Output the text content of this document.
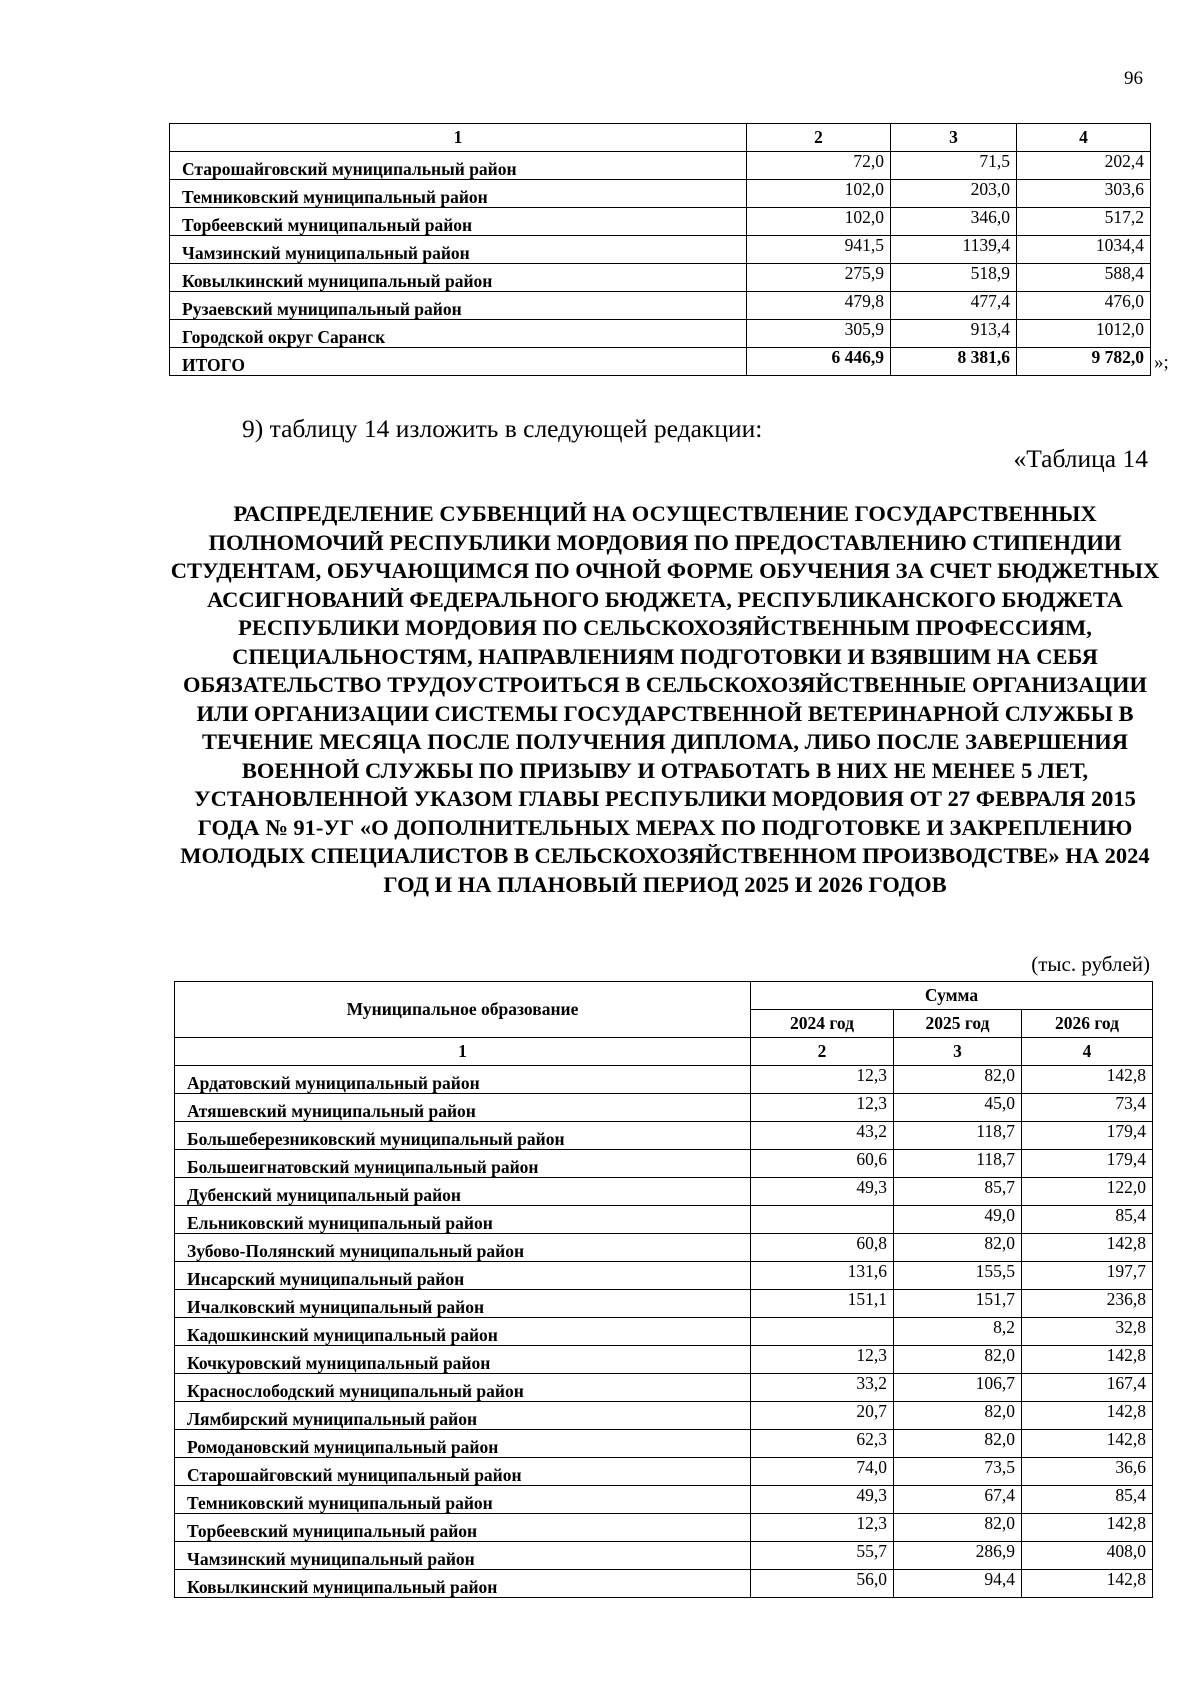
96
1	2	3	4
Старошайговский муниципальный район	72,0	71,5	202,4
Темниковский муниципальный район	102,0	203,0	303,6
Торбеевский муниципальный район	102,0	346,0	517,2
Чамзинский муниципальный район	941,5	1139,4	1034,4
Ковылкинский муниципальный район	275,9	518,9	588,4
Рузаевский муниципальный район	479,8	477,4	476,0
Городской округ Саранск	305,9	913,4	1012,0
ИТОГО	6 446,9	8 381,6	9 782,0 »;
9) таблицу 14 изложить в следующей редакции:
«Таблица 14

РАСПРЕДЕЛЕНИЕ СУБВЕНЦИЙ НА ОСУЩЕСТВЛЕНИЕ ГОСУДАРСТВЕННЫХ ПОЛНОМОЧИЙ РЕСПУБЛИКИ МОРДОВИЯ ПО ПРЕДОСТАВЛЕНИЮ СТИПЕНДИИ СТУДЕНТАМ, ОБУЧАЮЩИМСЯ ПО ОЧНОЙ ФОРМЕ ОБУЧЕНИЯ ЗА СЧЕТ БЮДЖЕТНЫХ АССИГНОВАНИЙ ФЕДЕРАЛЬНОГО БЮДЖЕТА, РЕСПУБЛИКАНСКОГО БЮДЖЕТА РЕСПУБЛИКИ МОРДОВИЯ ПО СЕЛЬСКОХОЗЯЙСТВЕННЫМ ПРОФЕССИЯМ, СПЕЦИАЛЬНОСТЯМ, НАПРАВЛЕНИЯМ ПОДГОТОВКИ И ВЗЯВШИМ НА СЕБЯ ОБЯЗАТЕЛЬСТВО ТРУДОУСТРОИТЬСЯ В СЕЛЬСКОХОЗЯЙСТВЕННЫЕ ОРГАНИЗАЦИИ ИЛИ ОРГАНИЗАЦИИ СИСТЕМЫ ГОСУДАРСТВЕННОЙ ВЕТЕРИНАРНОЙ СЛУЖБЫ В ТЕЧЕНИЕ МЕСЯЦА ПОСЛЕ ПОЛУЧЕНИЯ ДИПЛОМА, ЛИБО ПОСЛЕ ЗАВЕРШЕНИЯ ВОЕННОЙ СЛУЖБЫ ПО ПРИЗЫВУ И ОТРАБОТАТЬ В НИХ НЕ МЕНЕЕ 5 ЛЕТ, УСТАНОВЛЕННОЙ УКАЗОМ ГЛАВЫ РЕСПУБЛИКИ МОРДОВИЯ ОТ 27 ФЕВРАЛЯ 2015 ГОДА № 91-УГ «О ДОПОЛНИТЕЛЬНЫХ МЕРАХ ПО ПОДГОТОВКЕ И ЗАКРЕПЛЕНИЮ МОЛОДЫХ СПЕЦИАЛИСТОВ В СЕЛЬСКОХОЗЯЙСТВЕННОМ ПРОИЗВОДСТВЕ» НА 2024 ГОД И НА ПЛАНОВЫЙ ПЕРИОД 2025 И 2026 ГОДОВ

(тыс. рублей)
Муниципальное образование	Сумма		
	2024 год	2025 год	2026 год
1	2	3	4
Ардатовский муниципальный район	12,3	82,0	142,8
Атяшевский муниципальный район	12,3	45,0	73,4
Большеберезниковский муниципальный район	43,2	118,7	179,4
Большеигнатовский муниципальный район	60,6	118,7	179,4
Дубенский муниципальный район	49,3	85,7	122,0
Ельниковский муниципальный район		49,0	85,4
Зубово-Полянский муниципальный район	60,8	82,0	142,8
Инсарский муниципальный район	131,6	155,5	197,7
Ичалковский муниципальный район	151,1	151,7	236,8
Кадошкинский муниципальный район		8,2	32,8
Кочкуровский муниципальный район	12,3	82,0	142,8
Краснослободский муниципальный район	33,2	106,7	167,4
Лямбирский муниципальный район	20,7	82,0	142,8
Ромодановский муниципальный район	62,3	82,0	142,8
Старошайговский муниципальный район	74,0	73,5	36,6
Темниковский муниципальный район	49,3	67,4	85,4
Торбеевский муниципальный район	12,3	82,0	142,8
Чамзинский муниципальный район	55,7	286,9	408,0
Ковылкинский муниципальный район	56,0	94,4	142,8
